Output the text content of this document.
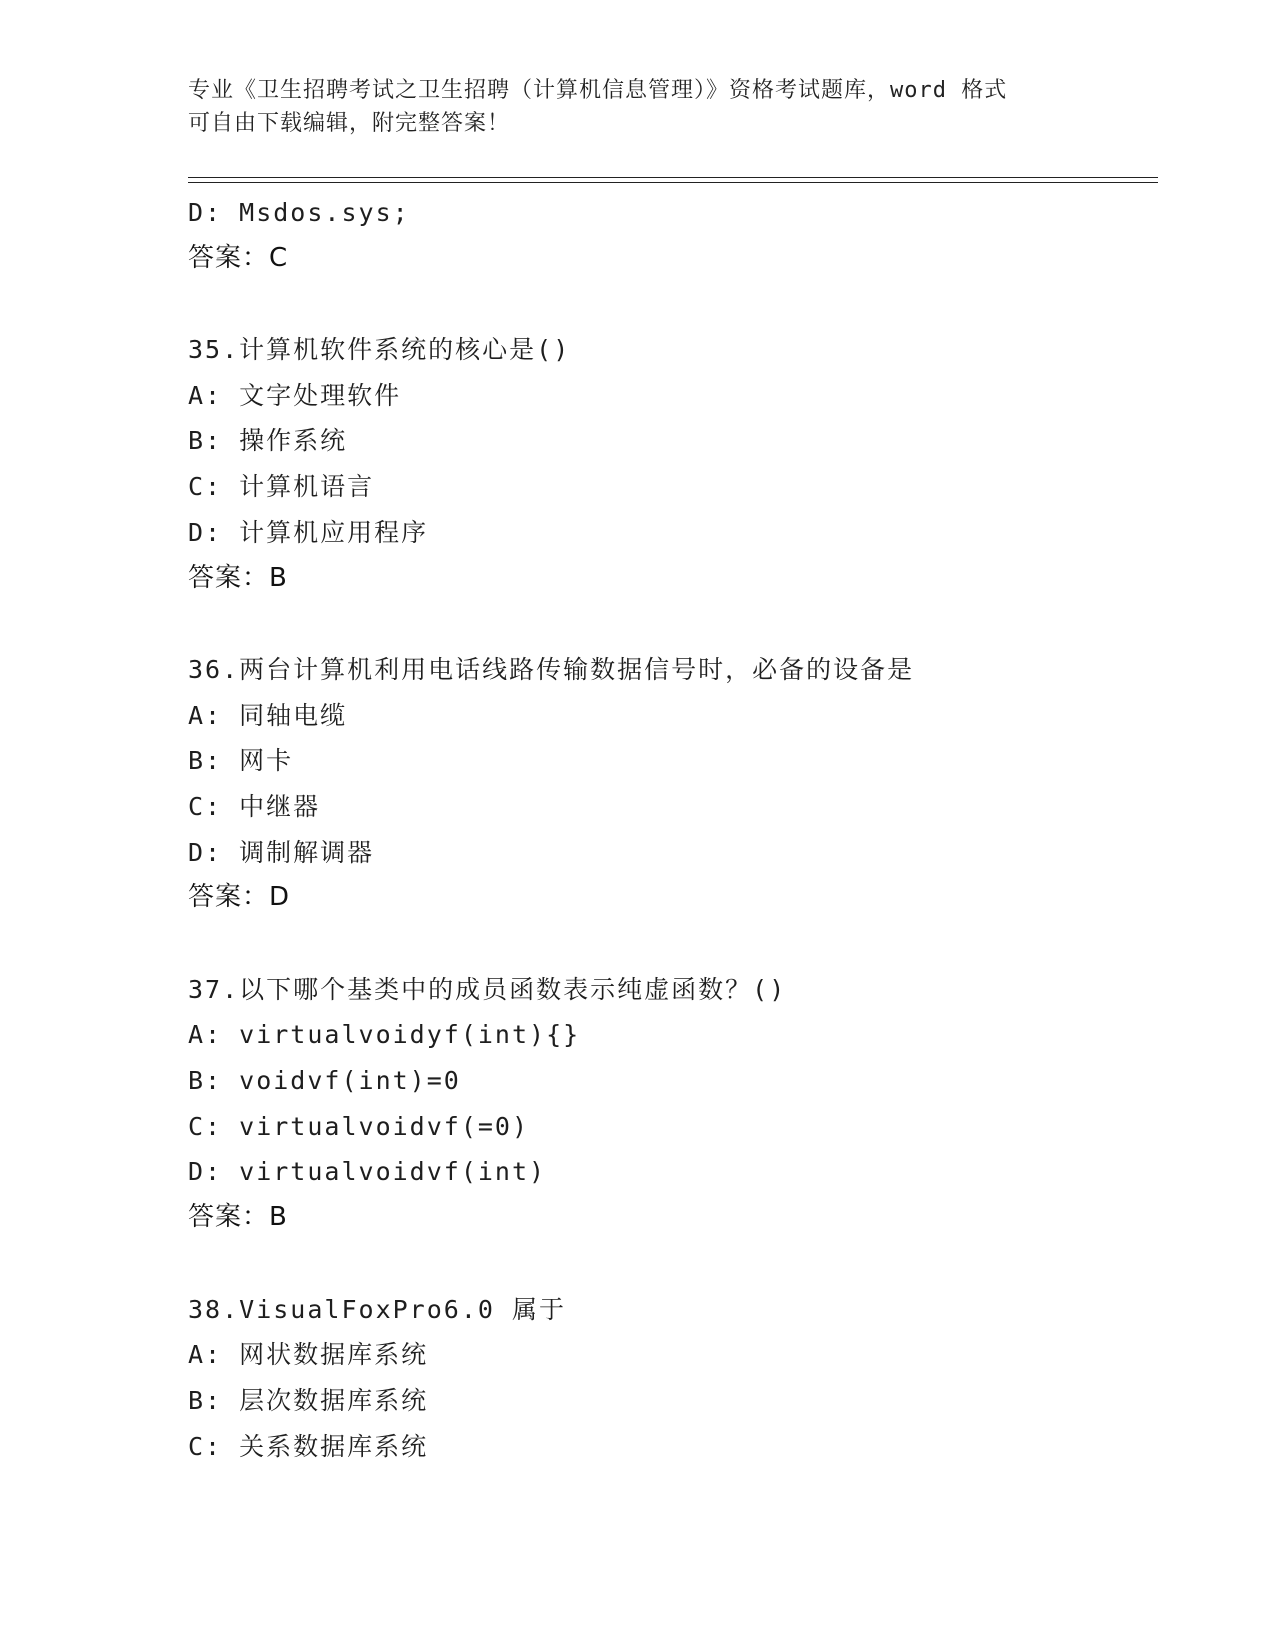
专业《卫生招聘考试之卫生招聘（计算机信息管理）》资格考试题库，word 格式
可自由下载编辑，附完整答案！
D: Msdos.sys;
答案：C
35.计算机软件系统的核心是()
A: 文字处理软件
B: 操作系统
C: 计算机语言
D: 计算机应用程序
答案：B
36.两台计算机利用电话线路传输数据信号时，必备的设备是
A: 同轴电缆
B: 网卡
C: 中继器
D: 调制解调器
答案：D
37.以下哪个基类中的成员函数表示纯虚函数？()
A: virtualvoidyf(int){}
B: voidvf(int)=0
C: virtualvoidvf(=0)
D: virtualvoidvf(int)
答案：B
38.VisualFoxPro6.0 属于
A: 网状数据库系统
B: 层次数据库系统
C: 关系数据库系统
